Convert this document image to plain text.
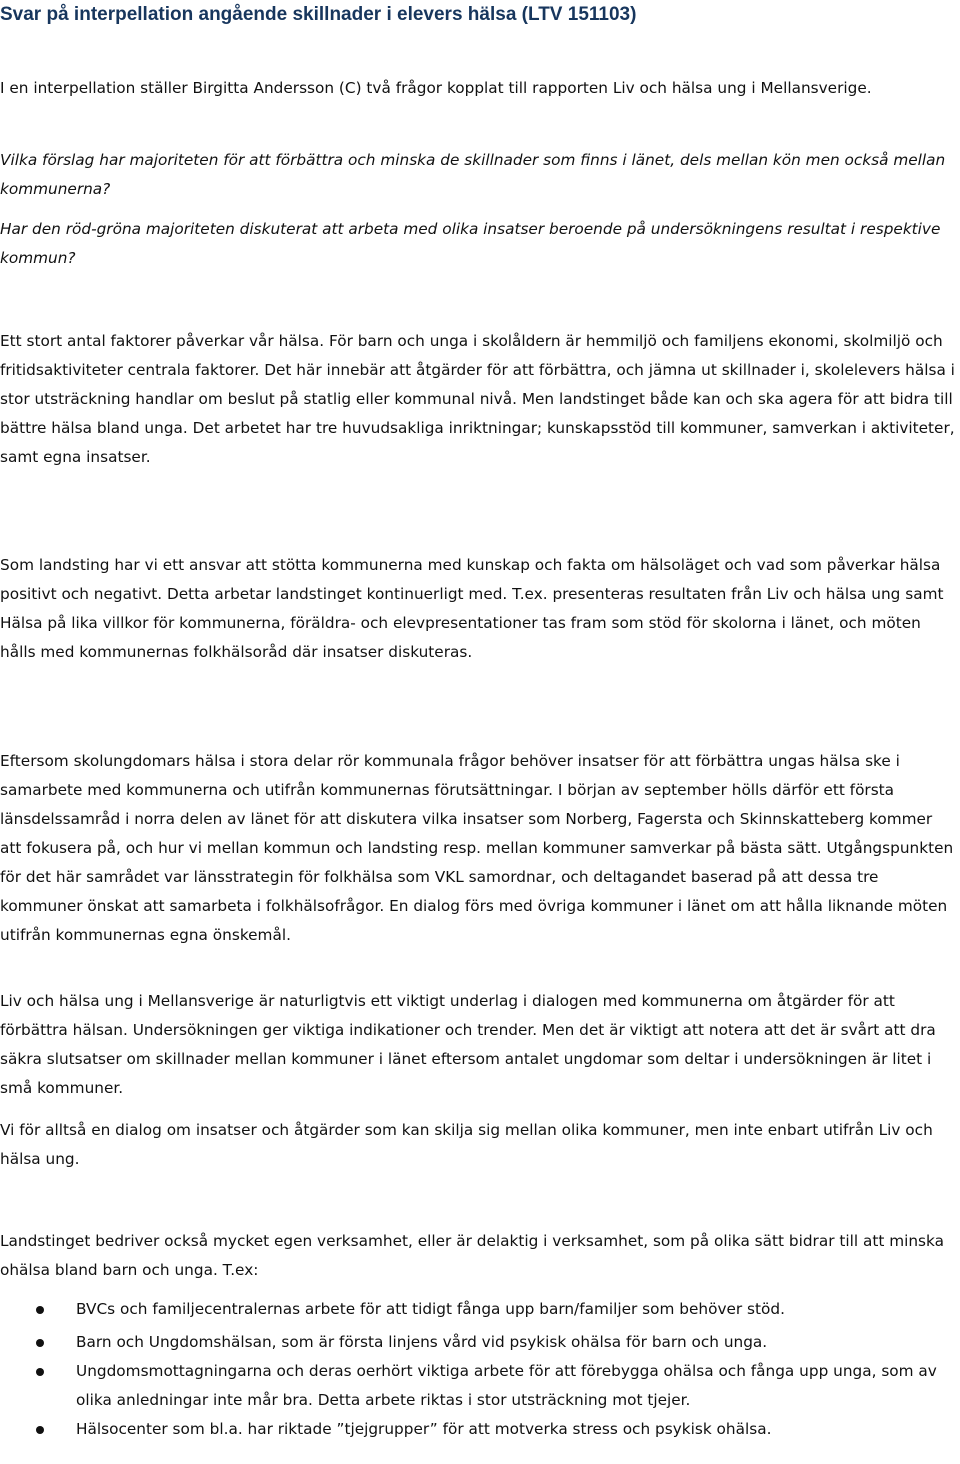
Svar på interpellation angående skillnader i elevers hälsa (LTV 151103)

I en interpellation ställer Birgitta Andersson (C) två frågor kopplat till rapporten Liv och hälsa ung i Mellansverige.

Vilka förslag har majoriteten för att förbättra och minska de skillnader som finns i länet, dels mellan kön men också mellan kommunerna?

Har den röd-gröna majoriteten diskuterat att arbeta med olika insatser beroende på undersökningens resultat i respektive kommun?

Ett stort antal faktorer påverkar vår hälsa. För barn och unga i skolåldern är hemmiljö och familjens ekonomi, skolmiljö och fritidsaktiviteter centrala faktorer. Det här innebär att åtgärder för att förbättra, och jämna ut skillnader i, skolelevers hälsa i stor utsträckning handlar om beslut på statlig eller kommunal nivå. Men landstinget både kan och ska agera för att bidra till bättre hälsa bland unga. Det arbetet har tre huvudsakliga inriktningar; kunskapsstöd till kommuner, samverkan i aktiviteter, samt egna insatser.

Som landsting har vi ett ansvar att stötta kommunerna med kunskap och fakta om hälsoläget och vad som påverkar hälsa positivt och negativt. Detta arbetar landstinget kontinuerligt med. T.ex. presenteras resultaten från Liv och hälsa ung samt Hälsa på lika villkor för kommunerna, föräldra- och elevpresentationer tas fram som stöd för skolorna i länet, och möten hålls med kommunernas folkhälsoråd där insatser diskuteras.

Eftersom skolungdomars hälsa i stora delar rör kommunala frågor behöver insatser för att förbättra ungas hälsa ske i samarbete med kommunerna och utifrån kommunernas förutsättningar. I början av september hölls därför ett första länsdelssamråd i norra delen av länet för att diskutera vilka insatser som Norberg, Fagersta och Skinnskatteberg kommer att fokusera på, och hur vi mellan kommun och landsting resp. mellan kommuner samverkar på bästa sätt. Utgångspunkten för det här samrådet var länsstrategin för folkhälsa som VKL samordnar, och deltagandet baserad på att dessa tre kommuner önskat att samarbeta i folkhälsofrågor. En dialog förs med övriga kommuner i länet om att hålla liknande möten utifrån kommunernas egna önskemål.

Liv och hälsa ung i Mellansverige är naturligtvis ett viktigt underlag i dialogen med kommunerna om åtgärder för att förbättra hälsan. Undersökningen ger viktiga indikationer och trender. Men det är viktigt att notera att det är svårt att dra säkra slutsatser om skillnader mellan kommuner i länet eftersom antalet ungdomar som deltar i undersökningen är litet i små kommuner.

Vi för alltså en dialog om insatser och åtgärder som kan skilja sig mellan olika kommuner, men inte enbart utifrån Liv och hälsa ung.

Landstinget bedriver också mycket egen verksamhet, eller är delaktig i verksamhet, som på olika sätt bidrar till att minska ohälsa bland barn och unga. T.ex:

BVCs och familjecentralernas arbete för att tidigt fånga upp barn/familjer som behöver stöd.
Barn och Ungdomshälsan, som är första linjens vård vid psykisk ohälsa för barn och unga.
Ungdomsmottagningarna och deras oerhört viktiga arbete för att förebygga ohälsa och fånga upp unga, som av olika anledningar inte mår bra. Detta arbete riktas i stor utsträckning mot tjejer.
Hälsocenter som bl.a. har riktade ”tjejgrupper” för att motverka stress och psykisk ohälsa.
